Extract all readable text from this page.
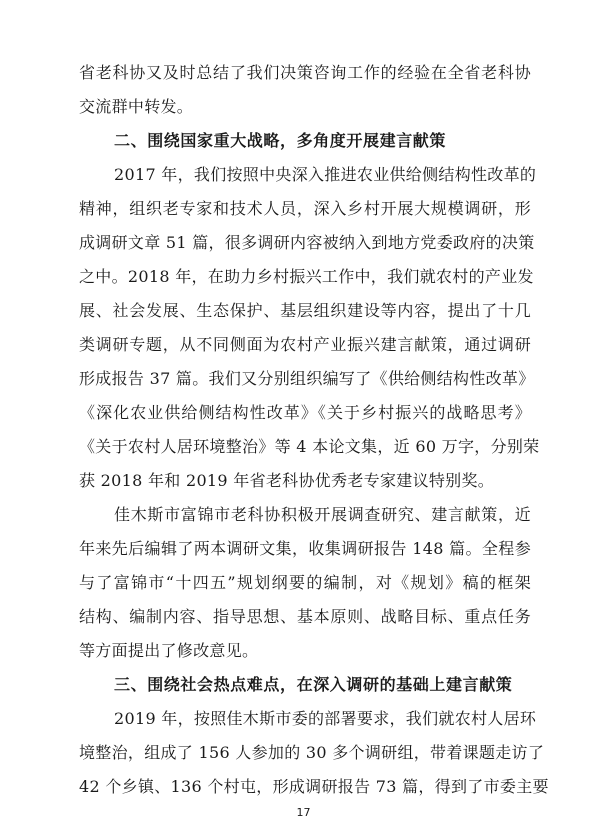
省老科协又及时总结了我们决策咨询工作的经验在全省老科协
交流群中转发。
二、围绕国家重大战略，多角度开展建言献策
2017 年，我们按照中央深入推进农业供给侧结构性改革的
精神，组织老专家和技术人员，深入乡村开展大规模调研，形
成调研文章 51 篇，很多调研内容被纳入到地方党委政府的决策
之中。2018 年，在助力乡村振兴工作中，我们就农村的产业发
展、社会发展、生态保护、基层组织建设等内容，提出了十几
类调研专题，从不同侧面为农村产业振兴建言献策，通过调研
形成报告 37 篇。我们又分别组织编写了《供给侧结构性改革》
《深化农业供给侧结构性改革》《关于乡村振兴的战略思考》
《关于农村人居环境整治》等 4 本论文集，近 60 万字，分别荣
获 2018 年和 2019 年省老科协优秀老专家建议特别奖。
佳木斯市富锦市老科协积极开展调查研究、建言献策，近
年来先后编辑了两本调研文集，收集调研报告 148 篇。全程参
与了富锦市“十四五”规划纲要的编制，对《规划》稿的框架
结构、编制内容、指导思想、基本原则、战略目标、重点任务
等方面提出了修改意见。
三、围绕社会热点难点，在深入调研的基础上建言献策
2019 年，按照佳木斯市委的部署要求，我们就农村人居环
境整治，组成了 156 人参加的 30 多个调研组，带着课题走访了
42 个乡镇、136 个村屯，形成调研报告 73 篇，得到了市委主要
17
